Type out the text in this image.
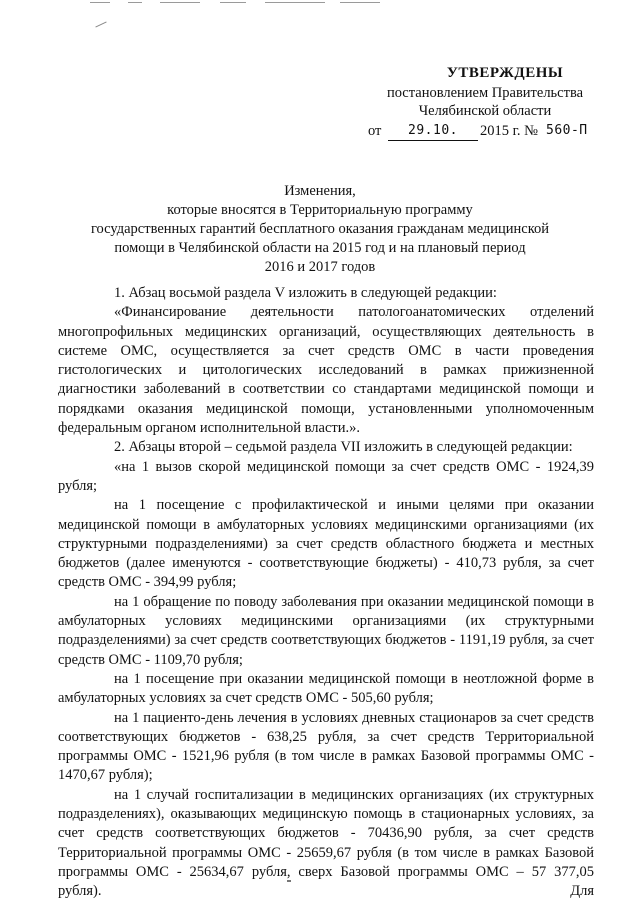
УТВЕРЖДЕНЫ
постановлением Правительства
Челябинской области
от	29.10.	2015 г. № 560-П
Изменения,
которые вносятся в Территориальную программу
государственных гарантий бесплатного оказания гражданам медицинской
помощи в Челябинской области на 2015 год и на плановый период
2016 и 2017 годов

1. Абзац восьмой раздела V изложить в следующей редакции:

«Финансирование деятельности патологоанатомических отделений многопрофильных медицинских организаций, осуществляющих деятельность в системе ОМС, осуществляется за счет средств ОМС в части проведения гистологических и цитологических исследований в рамках прижизненной диагностики заболеваний в соответствии со стандартами медицинской помощи и порядками оказания медицинской помощи, установленными уполномоченным федеральным органом исполнительной власти.».

2. Абзацы второй – седьмой раздела VII изложить в следующей редакции:

«на 1 вызов скорой медицинской помощи за счет средств ОМС - 1924,39 рубля;

на 1 посещение с профилактической и иными целями при оказании медицинской помощи в амбулаторных условиях медицинскими организациями (их структурными подразделениями) за счет средств областного бюджета и местных бюджетов (далее именуются - соответствующие бюджеты) - 410,73 рубля, за счет средств ОМС - 394,99 рубля;

на 1 обращение по поводу заболевания при оказании медицинской помощи в амбулаторных условиях медицинскими организациями (их структурными подразделениями) за счет средств соответствующих бюджетов - 1191,19 рубля, за счет средств ОМС - 1109,70 рубля;

на 1 посещение при оказании медицинской помощи в неотложной форме в амбулаторных условиях за счет средств ОМС - 505,60 рубля;

на 1 пациенто-день лечения в условиях дневных стационаров за счет средств соответствующих бюджетов - 638,25 рубля, за счет средств Территориальной программы ОМС - 1521,96 рубля (в том числе в рамках Базовой программы ОМС - 1470,67 рубля);

на 1 случай госпитализации в медицинских организациях (их структурных подразделениях), оказывающих медицинскую помощь в стационарных условиях, за счет средств соответствующих бюджетов - 70436,90 рубля, за счет средств Территориальной программы ОМС - 25659,67 рубля (в том числе в рамках Базовой программы ОМС - 25634,67 рубля, сверх Базовой программы ОМС – 57 377,05 рубля). Для
